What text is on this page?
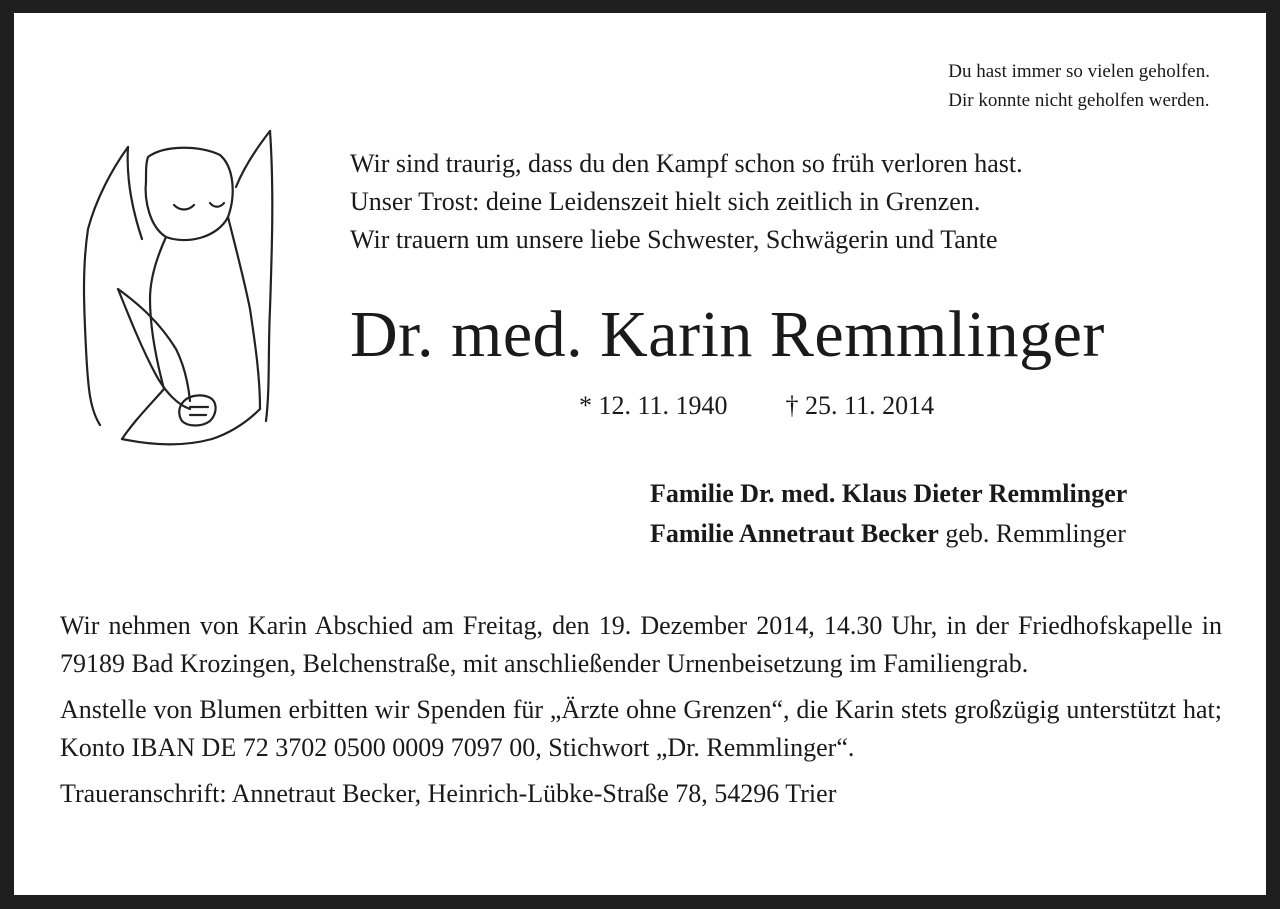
Du hast immer so vielen geholfen.
Dir konnte nicht geholfen werden.
Wir sind traurig, dass du den Kampf schon so früh verloren hast.
Unser Trost: deine Leidenszeit hielt sich zeitlich in Grenzen.
Wir trauern um unsere liebe Schwester, Schwägerin und Tante
Dr. med. Karin Remmlinger
* 12. 11. 1940 † 25. 11. 2014
Familie Dr. med. Klaus Dieter Remmlinger
Familie Annetraut Becker geb. Remmlinger

Wir nehmen von Karin Abschied am Freitag, den 19. Dezember 2014, 14.30 Uhr, in der Friedhofskapelle in 79189 Bad Krozingen, Belchenstraße, mit anschließender Urnenbeisetzung im Familiengrab.

Anstelle von Blumen erbitten wir Spenden für „Ärzte ohne Grenzen“, die Karin stets großzügig unterstützt hat; Konto IBAN DE 72 3702 0500 0009 7097 00, Stichwort „Dr. Remmlinger“.

Traueranschrift: Annetraut Becker, Heinrich-Lübke-Straße 78, 54296 Trier
